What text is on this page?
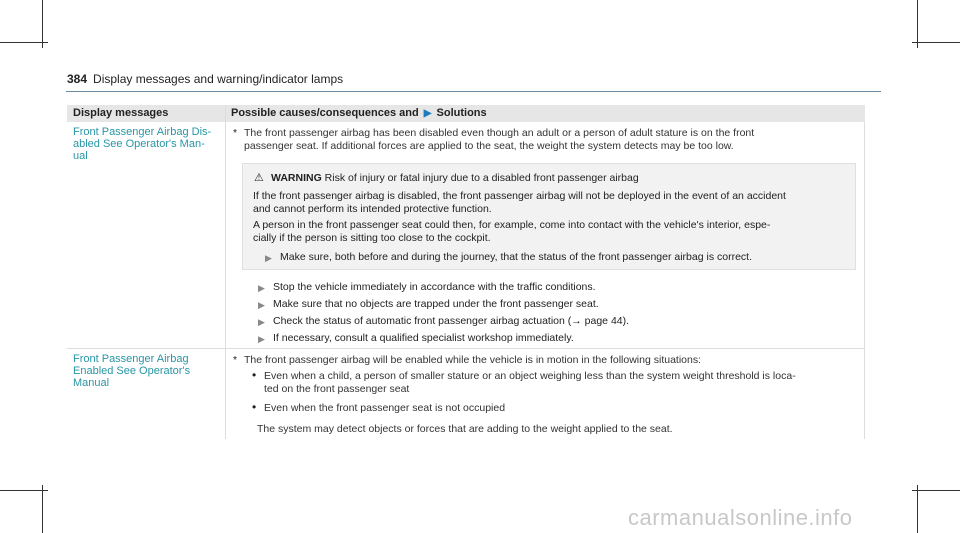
384 Display messages and warning/indicator lamps
Display messages	Possible causes/consequences and ▶ Solutions
Front Passenger Airbag Dis-
abled See Operator's Man-
ual
* The front passenger airbag has been disabled even though an adult or a person of adult stature is on the front
passenger seat. If additional forces are applied to the seat, the weight the system detects may be too low.
⚠ WARNING Risk of injury or fatal injury due to a disabled front passenger airbag
If the front passenger airbag is disabled, the front passenger airbag will not be deployed in the event of an accident
and cannot perform its intended protective function.
A person in the front passenger seat could then, for example, come into contact with the vehicle's interior, espe-
cially if the person is sitting too close to the cockpit.
▶ Make sure, both before and during the journey, that the status of the front passenger airbag is correct.
▶ Stop the vehicle immediately in accordance with the traffic conditions.
▶ Make sure that no objects are trapped under the front passenger seat.
▶ Check the status of automatic front passenger airbag actuation (→ page 44).
▶ If necessary, consult a qualified specialist workshop immediately.
Front Passenger Airbag
Enabled See Operator's
Manual
* The front passenger airbag will be enabled while the vehicle is in motion in the following situations:
• Even when a child, a person of smaller stature or an object weighing less than the system weight threshold is loca-
ted on the front passenger seat
• Even when the front passenger seat is not occupied
The system may detect objects or forces that are adding to the weight applied to the seat.
carmanualsonline.info
